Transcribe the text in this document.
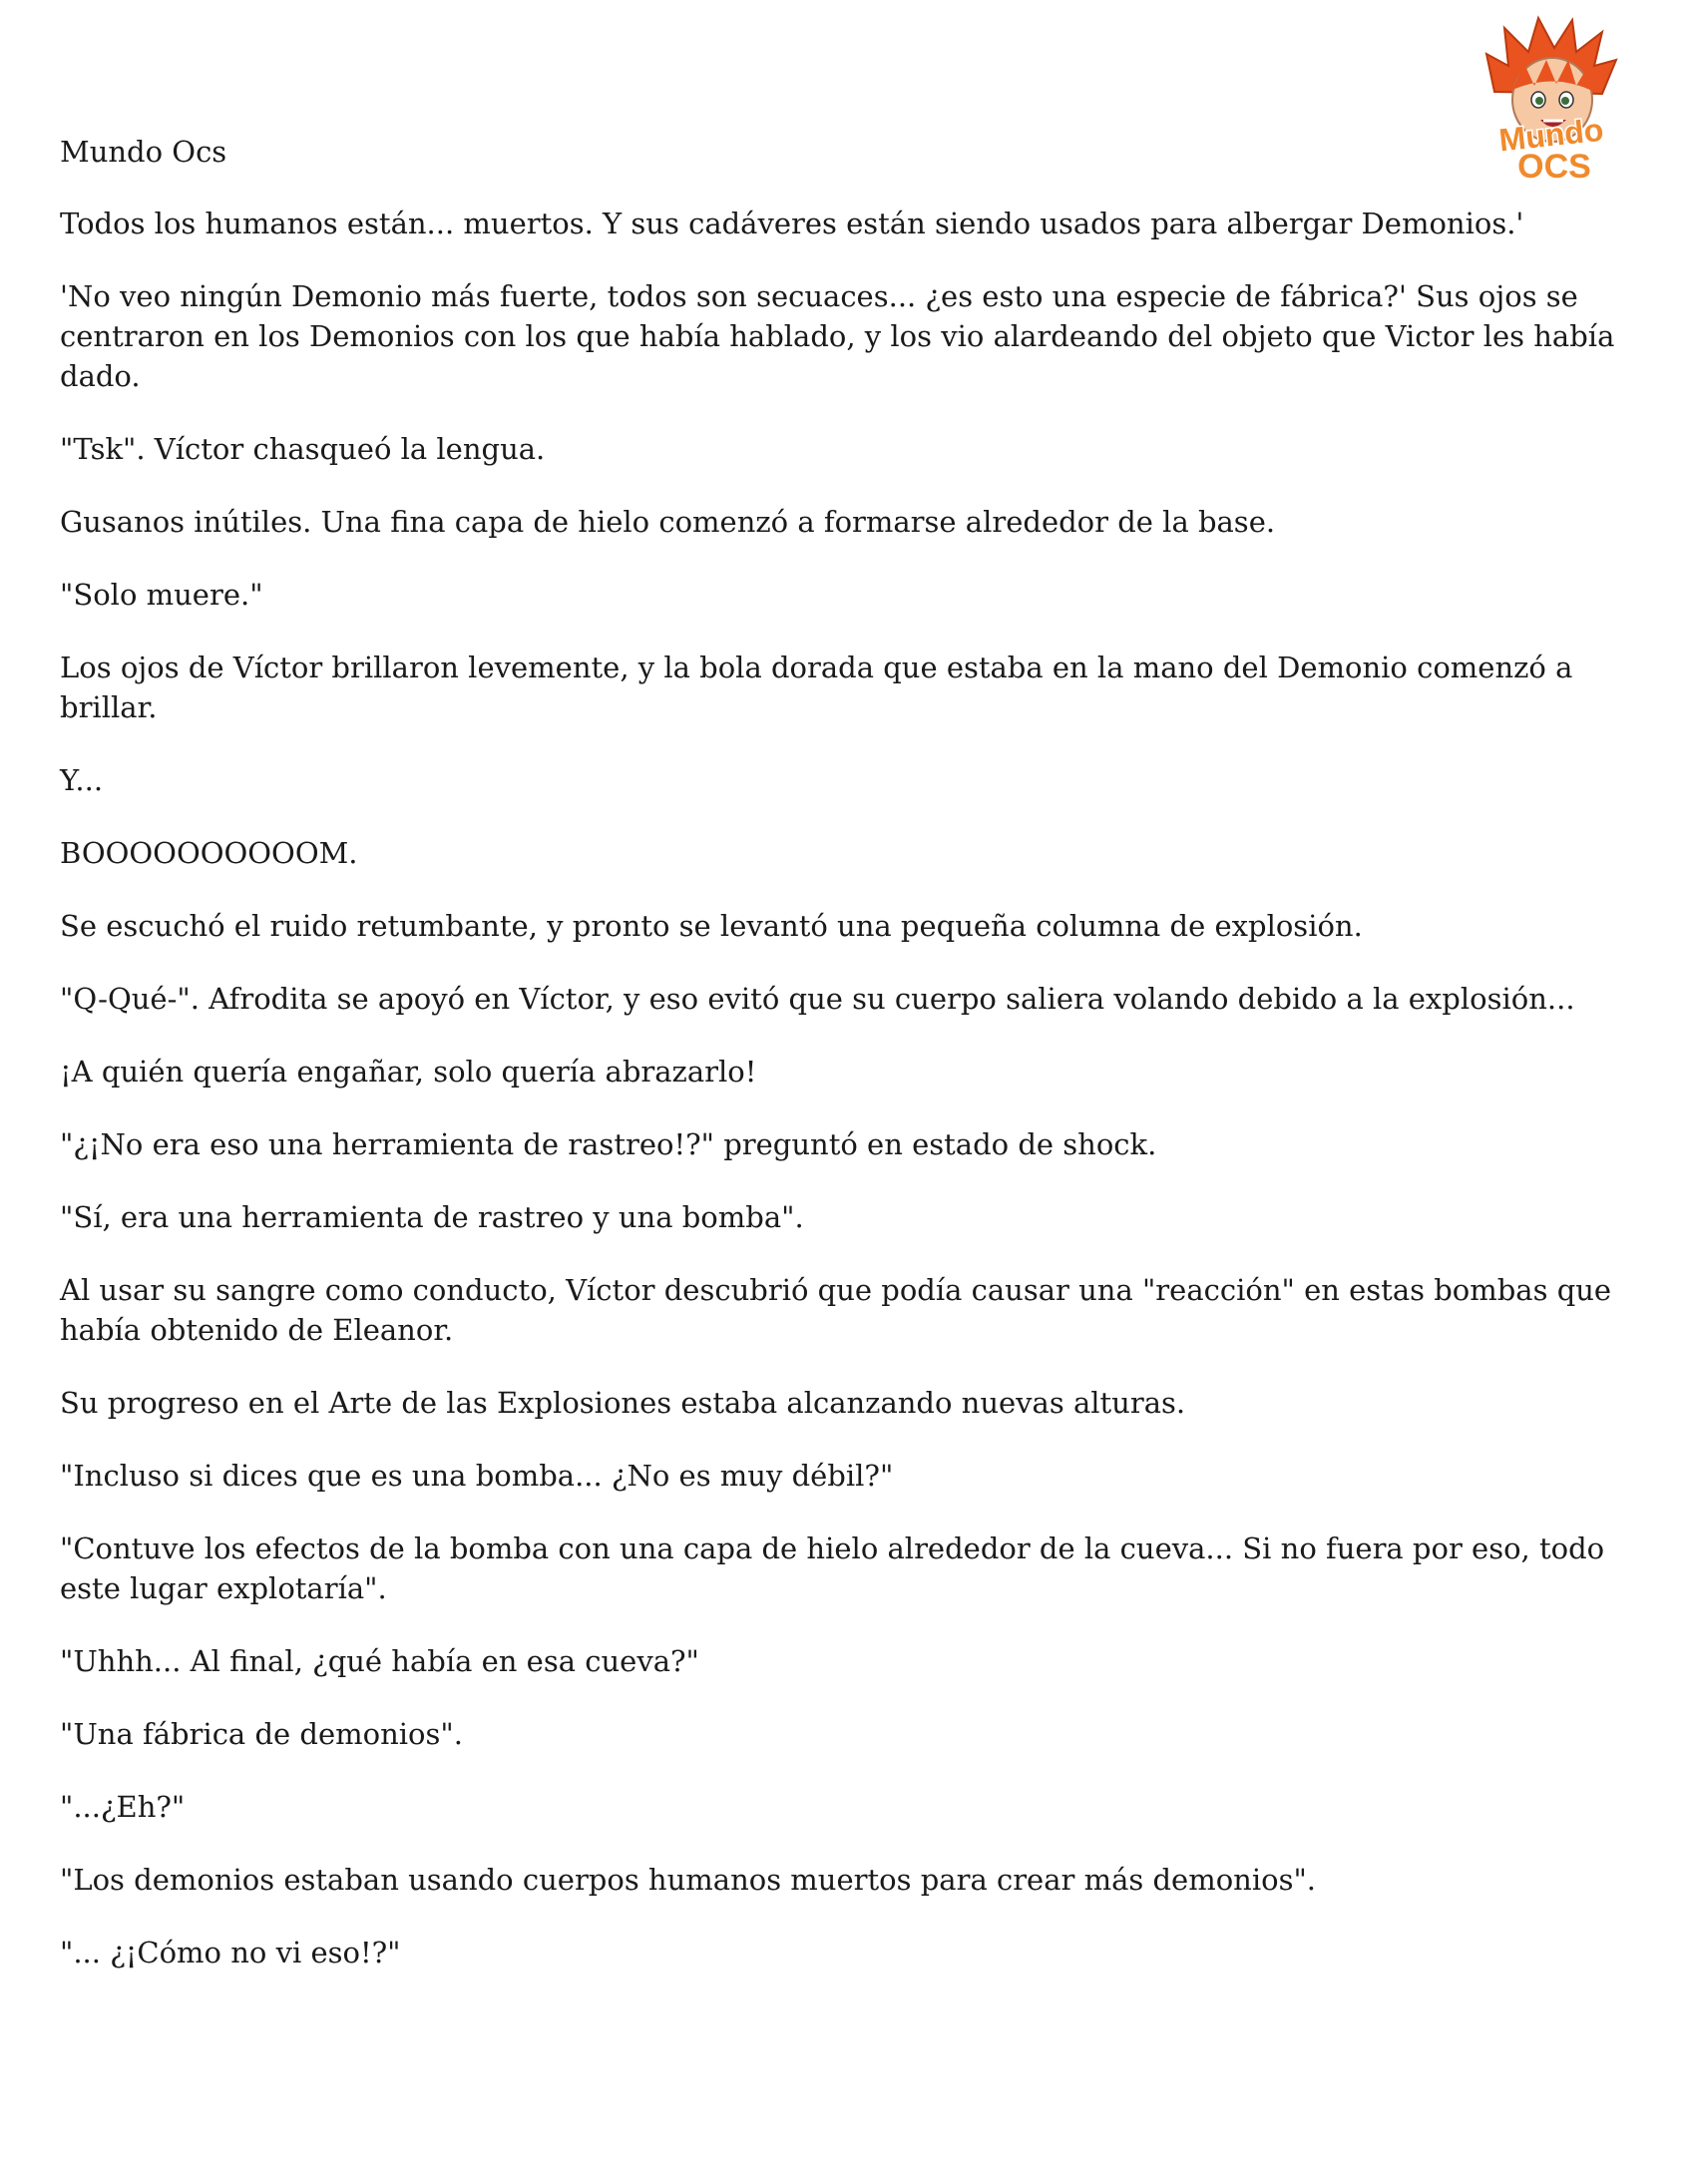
Mundo
OCS

Mundo Ocs

Todos los humanos están... muertos. Y sus cadáveres están siendo usados para albergar Demonios.'

'No veo ningún Demonio más fuerte, todos son secuaces... ¿es esto una especie de fábrica?' Sus ojos se centraron en los Demonios con los que había hablado, y los vio alardeando del objeto que Victor les había dado.

"Tsk". Víctor chasqueó la lengua.

Gusanos inútiles. Una fina capa de hielo comenzó a formarse alrededor de la base.

"Solo muere."

Los ojos de Víctor brillaron levemente, y la bola dorada que estaba en la mano del Demonio comenzó a brillar.

Y...

BOOOOOOOOOOM.

Se escuchó el ruido retumbante, y pronto se levantó una pequeña columna de explosión.

"Q-Qué-". Afrodita se apoyó en Víctor, y eso evitó que su cuerpo saliera volando debido a la explosión...

¡A quién quería engañar, solo quería abrazarlo!

"¿¡No era eso una herramienta de rastreo!?" preguntó en estado de shock.

"Sí, era una herramienta de rastreo y una bomba".

Al usar su sangre como conducto, Víctor descubrió que podía causar una "reacción" en estas bombas que había obtenido de Eleanor.

Su progreso en el Arte de las Explosiones estaba alcanzando nuevas alturas.

"Incluso si dices que es una bomba... ¿No es muy débil?"

"Contuve los efectos de la bomba con una capa de hielo alrededor de la cueva... Si no fuera por eso, todo este lugar explotaría".

"Uhhh... Al final, ¿qué había en esa cueva?"

"Una fábrica de demonios".

"...¿Eh?"

"Los demonios estaban usando cuerpos humanos muertos para crear más demonios".

"... ¿¡Cómo no vi eso!?"
